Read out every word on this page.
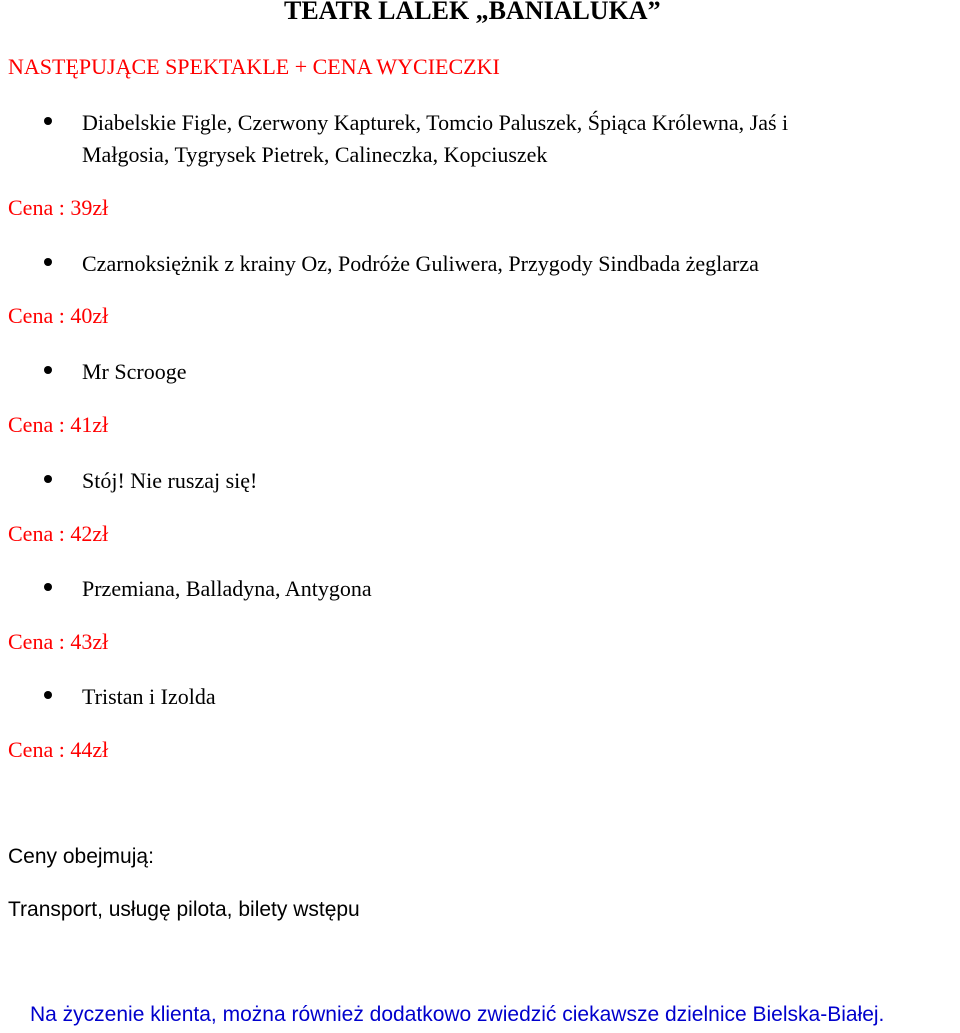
TEATR LALEK „BANIALUKA”
NASTĘPUJĄCE SPEKTAKLE + CENA WYCIECZKI
Diabelskie Figle, Czerwony Kapturek, Tomcio Paluszek, Śpiąca Królewna, Jaś i Małgosia, Tygrysek Pietrek, Calineczka, Kopciuszek
Cena : 39zł
Czarnoksiężnik z krainy Oz, Podróże Guliwera, Przygody Sindbada żeglarza
Cena : 40zł
Mr Scrooge
Cena : 41zł
Stój! Nie ruszaj się!
Cena : 42zł
Przemiana, Balladyna, Antygona
Cena : 43zł
Tristan i Izolda
Cena : 44zł
Ceny obejmują:
Transport, usługę pilota, bilety wstępu
Na życzenie klienta, można również dodatkowo zwiedzić ciekawsze dzielnice Bielska-Białej.
